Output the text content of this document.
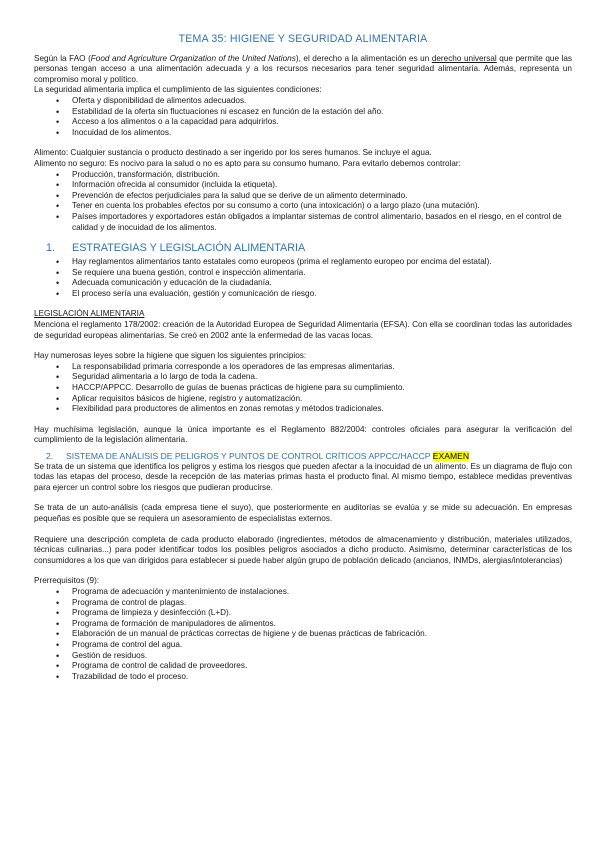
TEMA 35: HIGIENE Y SEGURIDAD ALIMENTARIA

Según la FAO (Food and Agriculture Organization of the United Nations), el derecho a la alimentación es un derecho universal que permite que las personas tengan acceso a una alimentación adecuada y a los recursos necesarios para tener seguridad alimentaria. Además, representa un compromiso moral y político.

La seguridad alimentaria implica el cumplimiento de las siguientes condiciones:

• Oferta y disponibilidad de alimentos adecuados.
• Estabilidad de la oferta sin fluctuaciones ni escasez en función de la estación del año.
• Acceso a los alimentos o a la capacidad para adquirirlos.
• Inocuidad de los alimentos.

Alimento: Cualquier sustancia o producto destinado a ser ingerido por los seres humanos. Se incluye el agua.

Alimento no seguro: Es nocivo para la salud o no es apto para su consumo humano. Para evitarlo debemos controlar:

• Producción, transformación, distribución.
• Información ofrecida al consumidor (incluida la etiqueta).
• Prevención de efectos perjudiciales para la salud que se derive de un alimento determinado.
• Tener en cuenta los probables efectos por su consumo a corto (una intoxicación) o a largo plazo (una mutación).
• Países importadores y exportadores están obligados a implantar sistemas de control alimentario, basados en el riesgo, en el control de calidad y de inocuidad de los alimentos.
1. ESTRATEGIAS Y LEGISLACIÓN ALIMENTARIA
• Hay reglamentos alimentarios tanto estatales como europeos (prima el reglamento europeo por encima del estatal).
• Se requiere una buena gestión, control e inspección alimentaria.
• Adecuada comunicación y educación de la ciudadanía.
• El proceso sería una evaluación, gestión y comunicación de riesgo.

LEGISLACIÓN ALIMENTARIA

Menciona el reglamento 178/2002: creación de la Autoridad Europea de Seguridad Alimentaria (EFSA). Con ella se coordinan todas las autoridades de seguridad europeas alimentarias. Se creó en 2002 ante la enfermedad de las vacas locas.

Hay numerosas leyes sobre la higiene que siguen los siguientes principios:

• La responsabilidad primaria corresponde a los operadores de las empresas alimentarias.
• Seguridad alimentaria a lo largo de toda la cadena.
• HACCP/APPCC. Desarrollo de guías de buenas prácticas de higiene para su cumplimiento.
• Aplicar requisitos básicos de higiene, registro y automatización.
• Flexibilidad para productores de alimentos en zonas remotas y métodos tradicionales.

Hay muchísima legislación, aunque la única importante es el Reglamento 882/2004: controles oficiales para asegurar la verificación del cumplimiento de la legislación alimentaria.

2. SISTEMA DE ANÁLISIS DE PELIGROS Y PUNTOS DE CONTROL CRÍTICOS APPCC/HACCP EXAMEN

Se trata de un sistema que identifica los peligros y estima los riesgos que pueden afectar a la inocuidad de un alimento. Es un diagrama de flujo con todas las etapas del proceso, desde la recepción de las materias primas hasta el producto final. Al mismo tiempo, establece medidas preventivas para ejercer un control sobre los riesgos que pudieran producirse.

Se trata de un auto-análisis (cada empresa tiene el suyo), que posteriormente en auditorías se evalúa y se mide su adecuación. En empresas pequeñas es posible que se requiera un asesoramiento de especialistas externos.

Requiere una descripción completa de cada producto elaborado (ingredientes, métodos de almacenamiento y distribución, materiales utilizados, técnicas culinarias...) para poder identificar todos los posibles peligros asociados a dicho producto. Asimismo, determinar características de los consumidores a los que van dirigidos para establecer si puede haber algún grupo de población delicado (ancianos, INMDs, alergias/intolerancias)

Prerrequisitos (9):

• Programa de adecuación y mantenimiento de instalaciones.
• Programa de control de plagas.
• Programa de limpieza y desinfección (L+D).
• Programa de formación de manipuladores de alimentos.
• Elaboración de un manual de prácticas correctas de higiene y de buenas prácticas de fabricación.
• Programa de control del agua.
• Gestión de residuos.
• Programa de control de calidad de proveedores.
• Trazabilidad de todo el proceso.
